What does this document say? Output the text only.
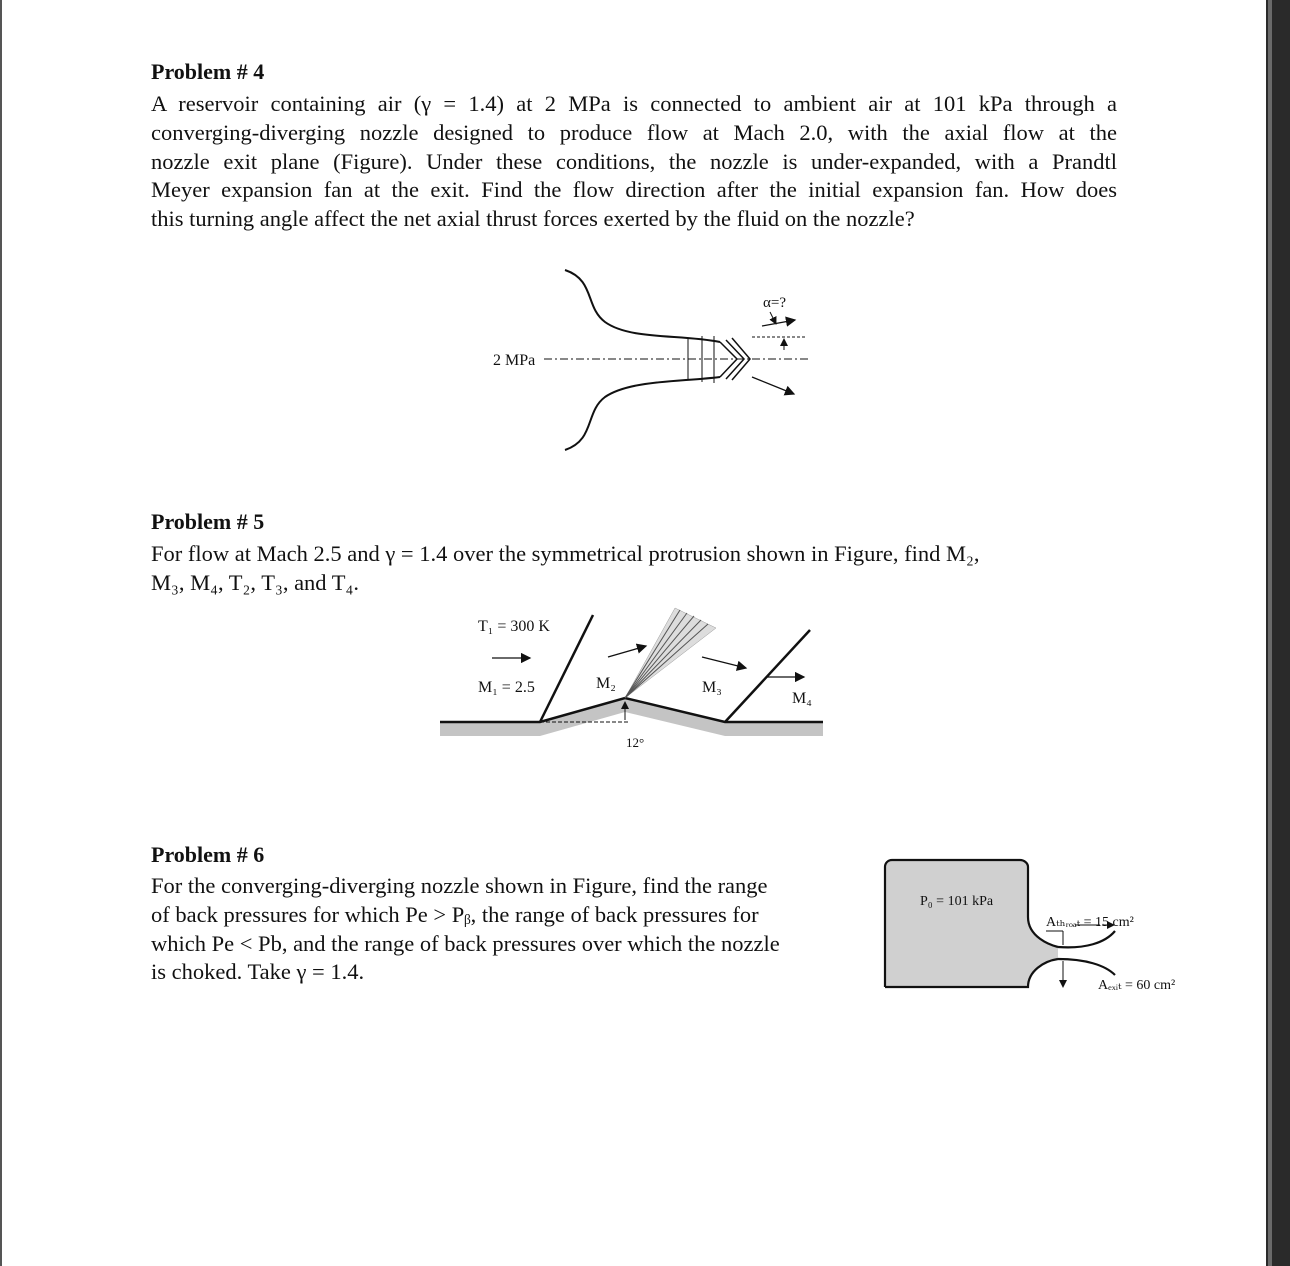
Problem # 4
A reservoir containing air (γ = 1.4) at 2 MPa is connected to ambient air at 101 kPa through a
converging-diverging nozzle designed to produce flow at Mach 2.0, with the axial flow at the
nozzle exit plane (Figure). Under these conditions, the nozzle is under-expanded, with a Prandtl
Meyer expansion fan at the exit. Find the flow direction after the initial expansion fan. How does
this turning angle affect the net axial thrust forces exerted by the fluid on the nozzle?
2 MPa
α=?
Problem # 5
For flow at Mach 2.5 and γ = 1.4 over the symmetrical protrusion shown in Figure, find M₂,
M₃, M₄, T₂, T₃, and T₄.
T₁ = 300 K
M₁ = 2.5	M₂	M₃
M₄
12°
Problem # 6
For the converging-diverging nozzle shown in Figure, find the range
of back pressures for which Pe > Pᵦ, the range of back pressures for
which Pe < Pb, and the range of back pressures over which the nozzle
is choked. Take γ = 1.4.
P₀ = 101 kPa
Aₜₕᵣₒₐₜ = 15 cm²
Aₑₓᵢₜ = 60 cm²
